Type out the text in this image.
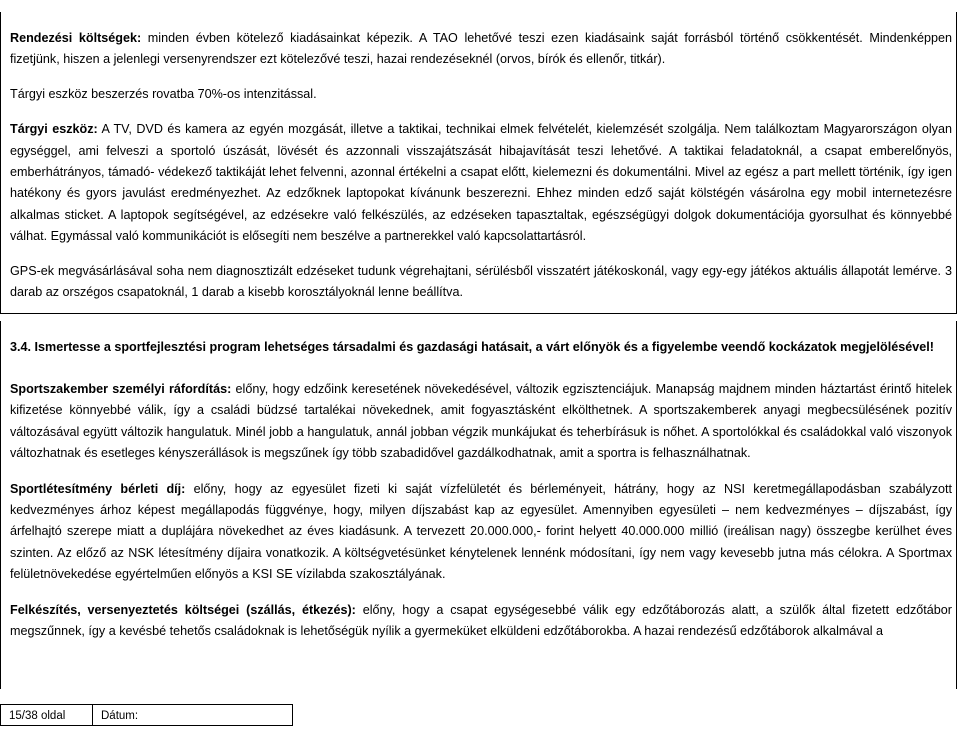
Rendezési költségek: minden évben kötelező kiadásainkat képezik. A TAO lehetővé teszi ezen kiadásaink saját forrásból történő csökkentését. Mindenképpen fizetjünk, hiszen a jelenlegi versenyrendszer ezt kötelezővé teszi, hazai rendezéseknél (orvos, bírók és ellenőr, titkár).

Tárgyi eszköz beszerzés rovatba 70%-os intenzitással.

Tárgyi eszköz: A TV, DVD és kamera az egyén mozgását, illetve a taktikai, technikai elmek felvételét, kielemzését szolgálja. Nem találkoztam Magyarországon olyan egységgel, ami felveszi a sportoló úszását, lövését és azzonnali visszajátszását hibajavítását teszi lehetővé. A taktikai feladatoknál, a csapat emberelőnyös, emberhátrányos, támadó- védekező taktikáját lehet felvenni, azonnal értékelni a csapat előtt, kielemezni és dokumentálni. Mivel az egész a part mellett történik, így igen hatékony és gyors javulást eredményezhet. Az edzőknek laptopokat kívánunk beszerezni. Ehhez minden edző saját kölstégén vásárolna egy mobil internetezésre alkalmas sticket. A laptopok segítségével, az edzésekre való felkészülés, az edzéseken tapasztaltak, egészségügyi dolgok dokumentációja gyorsulhat és könnyebbé válhat. Egymással való kommunikációt is elősegíti nem beszélve a partnerekkel való kapcsolattartásról.

GPS-ek megvásárlásával soha nem diagnosztizált edzéseket tudunk végrehajtani, sérülésből visszatért játékoskonál, vagy egy-egy játékos aktuális állapotát lemérve. 3 darab az orszégos csapatoknál, 1 darab a kisebb korosztályoknál lenne beállítva.

3.4. Ismertesse a sportfejlesztési program lehetséges társadalmi és gazdasági hatásait, a várt előnyök és a figyelembe veendő kockázatok megjelölésével!

Sportszakember személyi ráfordítás: előny, hogy edzőink keresetének növekedésével, változik egzisztenciájuk. Manapság majdnem minden háztartást érintő hitelek kifizetése könnyebbé válik, így a családi büdzsé tartalékai növekednek, amit fogyasztásként elkölthetnek. A sportszakemberek anyagi megbecsülésének pozitív változásával együtt változik hangulatuk. Minél jobb a hangulatuk, annál jobban végzik munkájukat és teherbírásuk is nőhet. A sportolókkal és családokkal való viszonyok változhatnak és esetleges kényszerállások is megszűnek így több szabadidővel gazdálkodhatnak, amit a sportra is felhasználhatnak.

Sportlétesítmény bérleti díj: előny, hogy az egyesület fizeti ki saját vízfelületét és bérleményeit, hátrány, hogy az NSI keretmegállapodásban szabályzott kedvezményes árhoz képest megállapodás függvénye, hogy, milyen díjszabást kap az egyesület. Amennyiben egyesületi – nem kedvezményes – díjszabást, így árfelhajtó szerepe miatt a duplájára növekedhet az éves kiadásunk. A tervezett 20.000.000,- forint helyett 40.000.000 millió (ireálisan nagy) összegbe kerülhet éves szinten. Az előző az NSK létesítmény díjaira vonatkozik. A költségvetésünket kénytelenek lennénk módosítani, így nem vagy kevesebb jutna más célokra. A Sportmax felületnövekedése egyértelműen előnyös a KSI SE vízilabda szakosztályának.

Felkészítés, versenyeztetés költségei (szállás, étkezés): előny, hogy a csapat egységesebbé válik egy edzőtáborozás alatt, a szülők által fizetett edzőtábor megszűnnek, így a kevésbé tehetős családoknak is lehetőségük nyílik a gyermeküket elküldeni edzőtáborokba. A hazai rendezésű edzőtáborok alkalmával a

15/38 oldal	Dátum:
